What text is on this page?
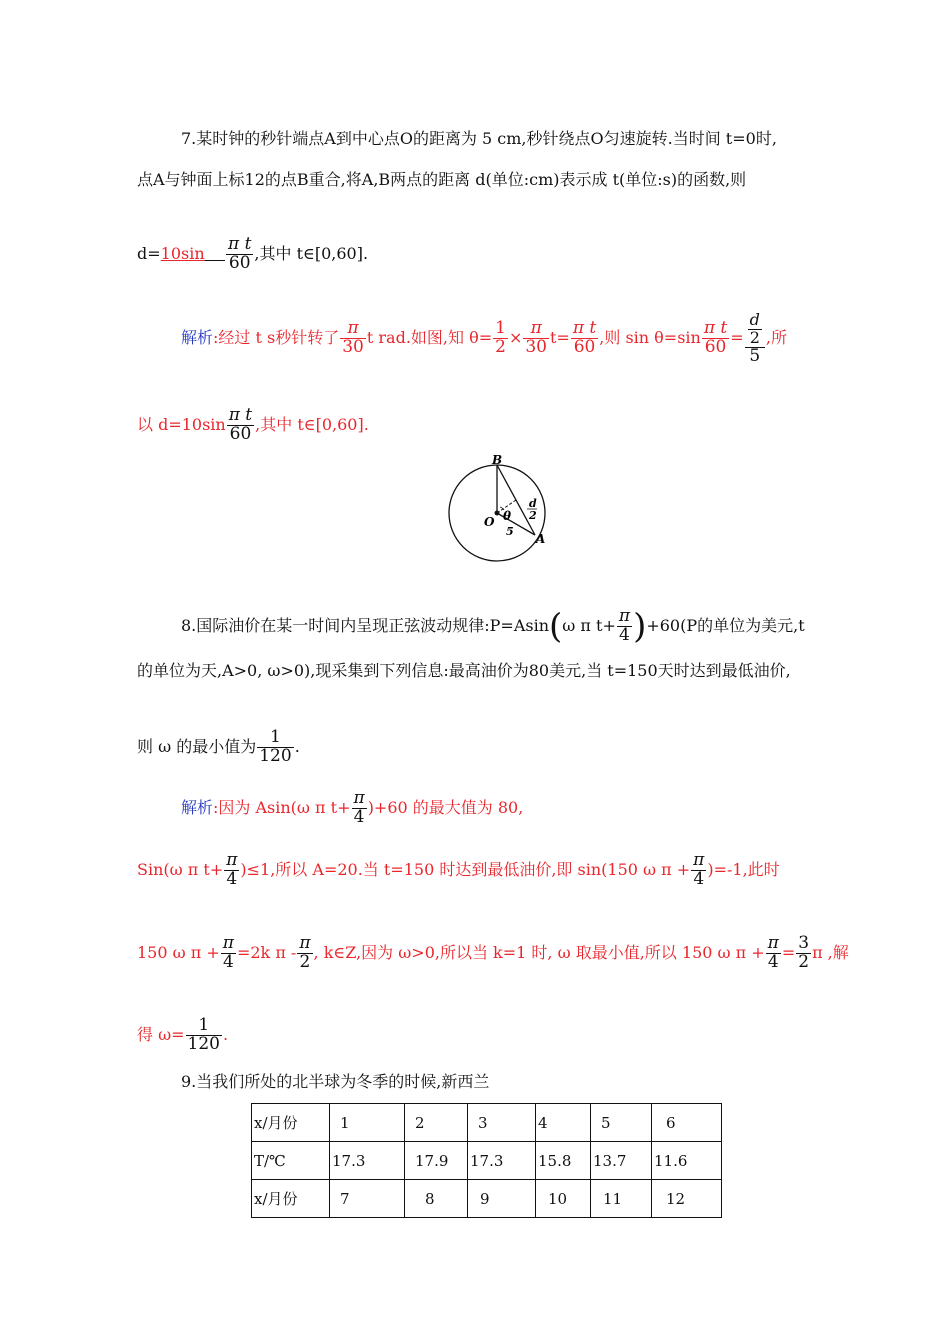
7.某时钟的秒针端点A到中心点O的距离为 5 cm,秒针绕点O匀速旋转.当时间 t=0时,
点A与钟面上标12的点B重合,将A,B两点的距离 d(单位:cm)表示成 t(单位:s)的函数,则
$d=10\sin \frac{\text{π t}}{60}$ ,其中 t∈[0,60].
解析:经过 t s秒针转了 $\frac{\pi}{30}$ t rad.如图,知 $\theta= \frac{1}{2} \times \frac{\pi}{30} t= \frac{\text{π t}}{60}$ ,则 $\sin \theta=\sin \frac{\text{π t}}{60} = \frac{\frac{d}{2}}{5}$ ,所
以 $d=10\sin \frac{\text{π t}}{60}$ ,其中 t∈[0,60].
B
O
A
θ
d
2
5
8.国际油价在某一时间内呈现正弦波动规律:P=Asin(ω π $t+ \frac{\pi}{4} )+60(P$的单位为美元,t
的单位为天,A>0, ω>0),现采集到下列信息:最高油价为80美元,当 t=150天时达到最低油价,
则 ω 的最小值为 $\frac{1}{120}$ .
解析:因为 Asin(ω π $t+ \frac{\pi}{4} )+60$ 的最大值为 80,
Sin(ω π $t+ \frac{\pi}{4} )\le 1$,所以 A=20.当 t=150 时达到最低油价,即 sin(150 ω $\pi + \frac{\pi}{4} )=-1$,此时
150 ω $\pi + \frac{\pi}{4} =2k$ π - $\frac{\pi}{2}$ , k∈Z,因为 ω>0,所以当 k=1 时, ω 取最小值,所以 150 ω $\pi + \frac{\pi}{4} = \frac{3}{2}$ π ,解
得 $\omega= \frac{1}{120}$ .
9.当我们所处的北半球为冬季的时候,新西兰
x/月份	1	2	3	4	5	6
T/℃	17.3	17.9	17.3	15.8	13.7	11.6
x/月份	7	8	9	10	11	12
